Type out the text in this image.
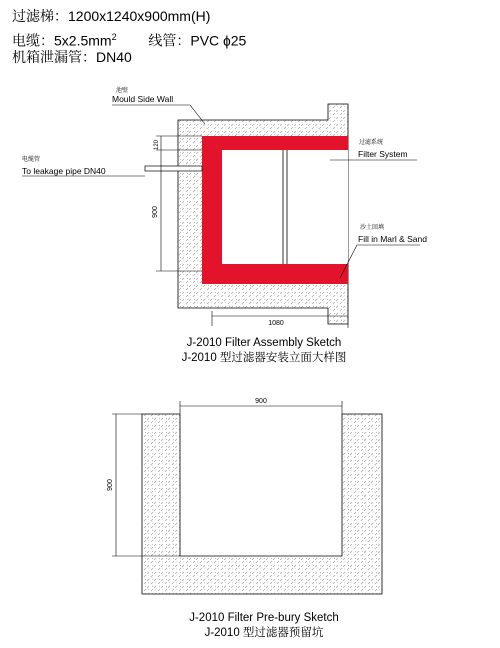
过滤梯：1200x1240x900mm(H)
电缆：$5x2.5mm^2$ 线管：PVC ɸ25
机箱泄漏管：DN40
120
900
1080
池壁
Mould Side Wall
电缆管
To leakage pipe DN40
过滤系统
Filter System
沙土回填
Fill in Marl & Sand
900
900
J-2010 Filter Assembly Sketch
J-2010 型过滤器安装立面大样图
J-2010 Filter Pre-bury Sketch
J-2010 型过滤器预留坑
